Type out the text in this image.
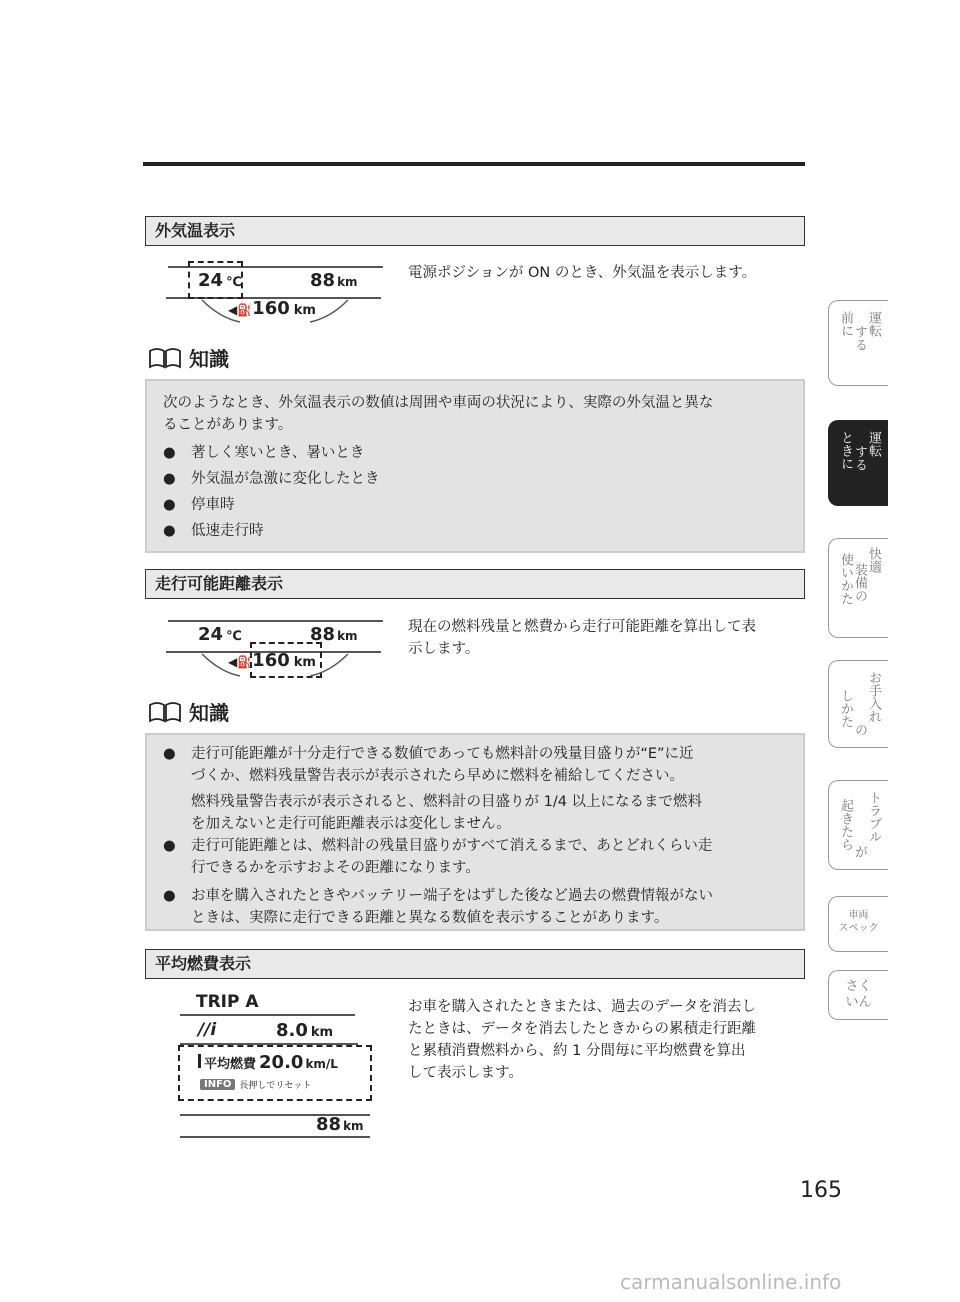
外気温表示
24 ℃	88 km
◀⛽160 km
電源ポジションが ON のとき、外気温を表示します。
知識

次のようなとき、外気温表示の数値は周囲や車両の状況により、実際の外気温と異な

ることがあります。

●	著しく寒いとき、暑いとき
●	外気温が急激に変化したとき
●	停車時
●	低速走行時
走行可能距離表示
24 ℃	88 km
◀⛽160 km
現在の燃料残量と燃費から走行可能距離を算出して表
示します。
知識
●	走行可能距離が十分走行できる数値であっても燃料計の残量目盛りが“E”に近

づくか、燃料残量警告表示が表示されたら早めに燃料を補給してください。

燃料残量警告表示が表示されると、燃料計の目盛りが 1/4 以上になるまで燃料

を加えないと走行可能距離表示は変化しません。

●	走行可能距離とは、燃料計の残量目盛りがすべて消えるまで、あとどれくらい走

行できるかを示すおよその距離になります。

●	お車を購入されたときやバッテリー端子をはずした後など過去の燃費情報がない

ときは、実際に走行できる距離と異なる数値を表示することがあります。

平均燃費表示
TRIP A
//i	8.0 km
平均燃費 20.0 km/L
INFO 長押しでリセット
88 km
お車を購入されたときまたは、過去のデータを消去し
たときは、データを消去したときからの累積走行距離
と累積消費燃料から、約 1 分間毎に平均燃費を算出
して表示します。
運転
する
前に
運転
する
ときに
快適
装備の
使いかた
お手入れ
の
しかた
トラブル
が
起きたら
車両
スペック
さく
いん
165
carmanualsonline.info
